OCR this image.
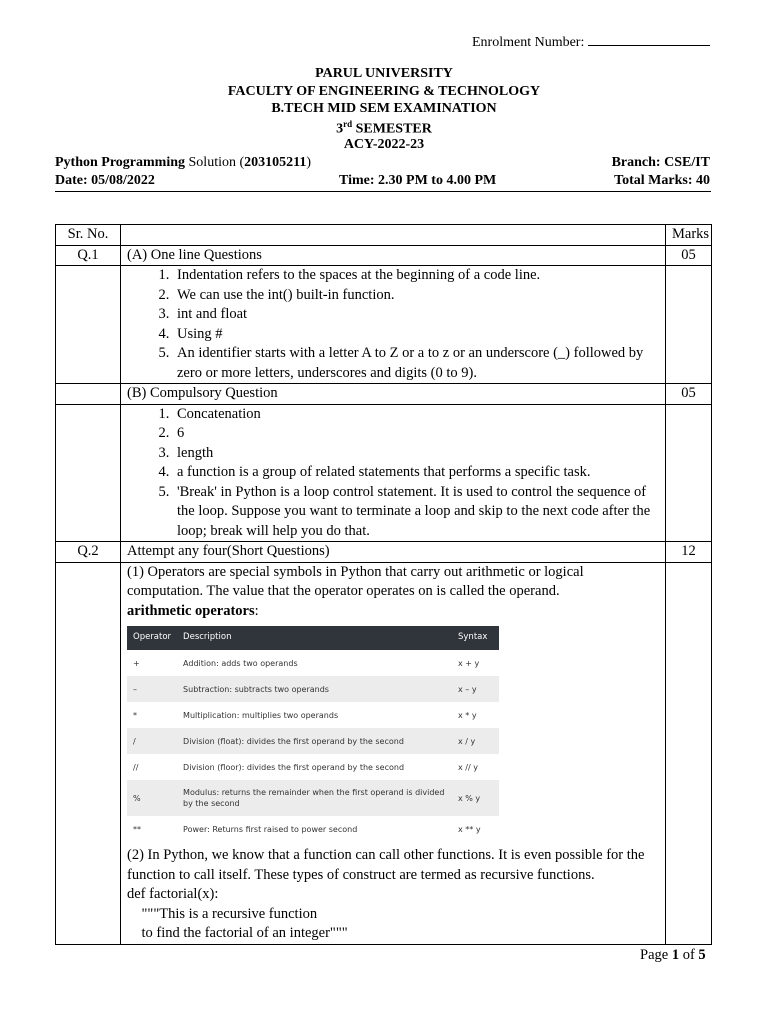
Enrolment Number:
PARUL UNIVERSITY
FACULTY OF ENGINEERING & TECHNOLOGY
B.TECH MID SEM EXAMINATION
3rd SEMESTER
ACY-2022-23
Python Programming Solution (203105211)	Branch: CSE/IT
Date: 05/08/2022	Time: 2.30 PM to 4.00 PM	Total Marks: 40
Sr. No.		Marks
Q.1	(A) One line Questions	05

1. Indentation refers to the spaces at the beginning of a code line.
2. We can use the int() built-in function.
3. int and float
4. Using #
5. An identifier starts with a letter A to Z or a to z or an underscore (_) followed by zero or more letters, underscores and digits (0 to 9).

	(B) Compulsory Question	05

1. Concatenation
2. 6
3. length
4. a function is a group of related statements that performs a specific task.
5. 'Break' in Python is a loop control statement. It is used to control the sequence of the loop. Suppose you want to terminate a loop and skip to the next code after the loop; break will help you do that.

Q.2	Attempt any four(Short Questions)	12

(1) Operators are special symbols in Python that carry out arithmetic or logical computation. The value that the operator operates on is called the operand.

arithmetic operators:

Operator	Description	Syntax
+	Addition: adds two operands	x + y
–	Subtraction: subtracts two operands	x – y
*	Multiplication: multiplies two operands	x * y
/	Division (float): divides the first operand by the second	x / y
//	Division (floor): divides the first operand by the second	x // y
%	Modulus: returns the remainder when the first operand is divided by the second	x % y
**	Power: Returns first raised to power second	x ** y

(2) In Python, we know that a function can call other functions. It is even possible for the function to call itself. These types of construct are termed as recursive functions.

def factorial(x):
"""This is a recursive function
to find the factorial of an integer"""

Page 1 of 5
